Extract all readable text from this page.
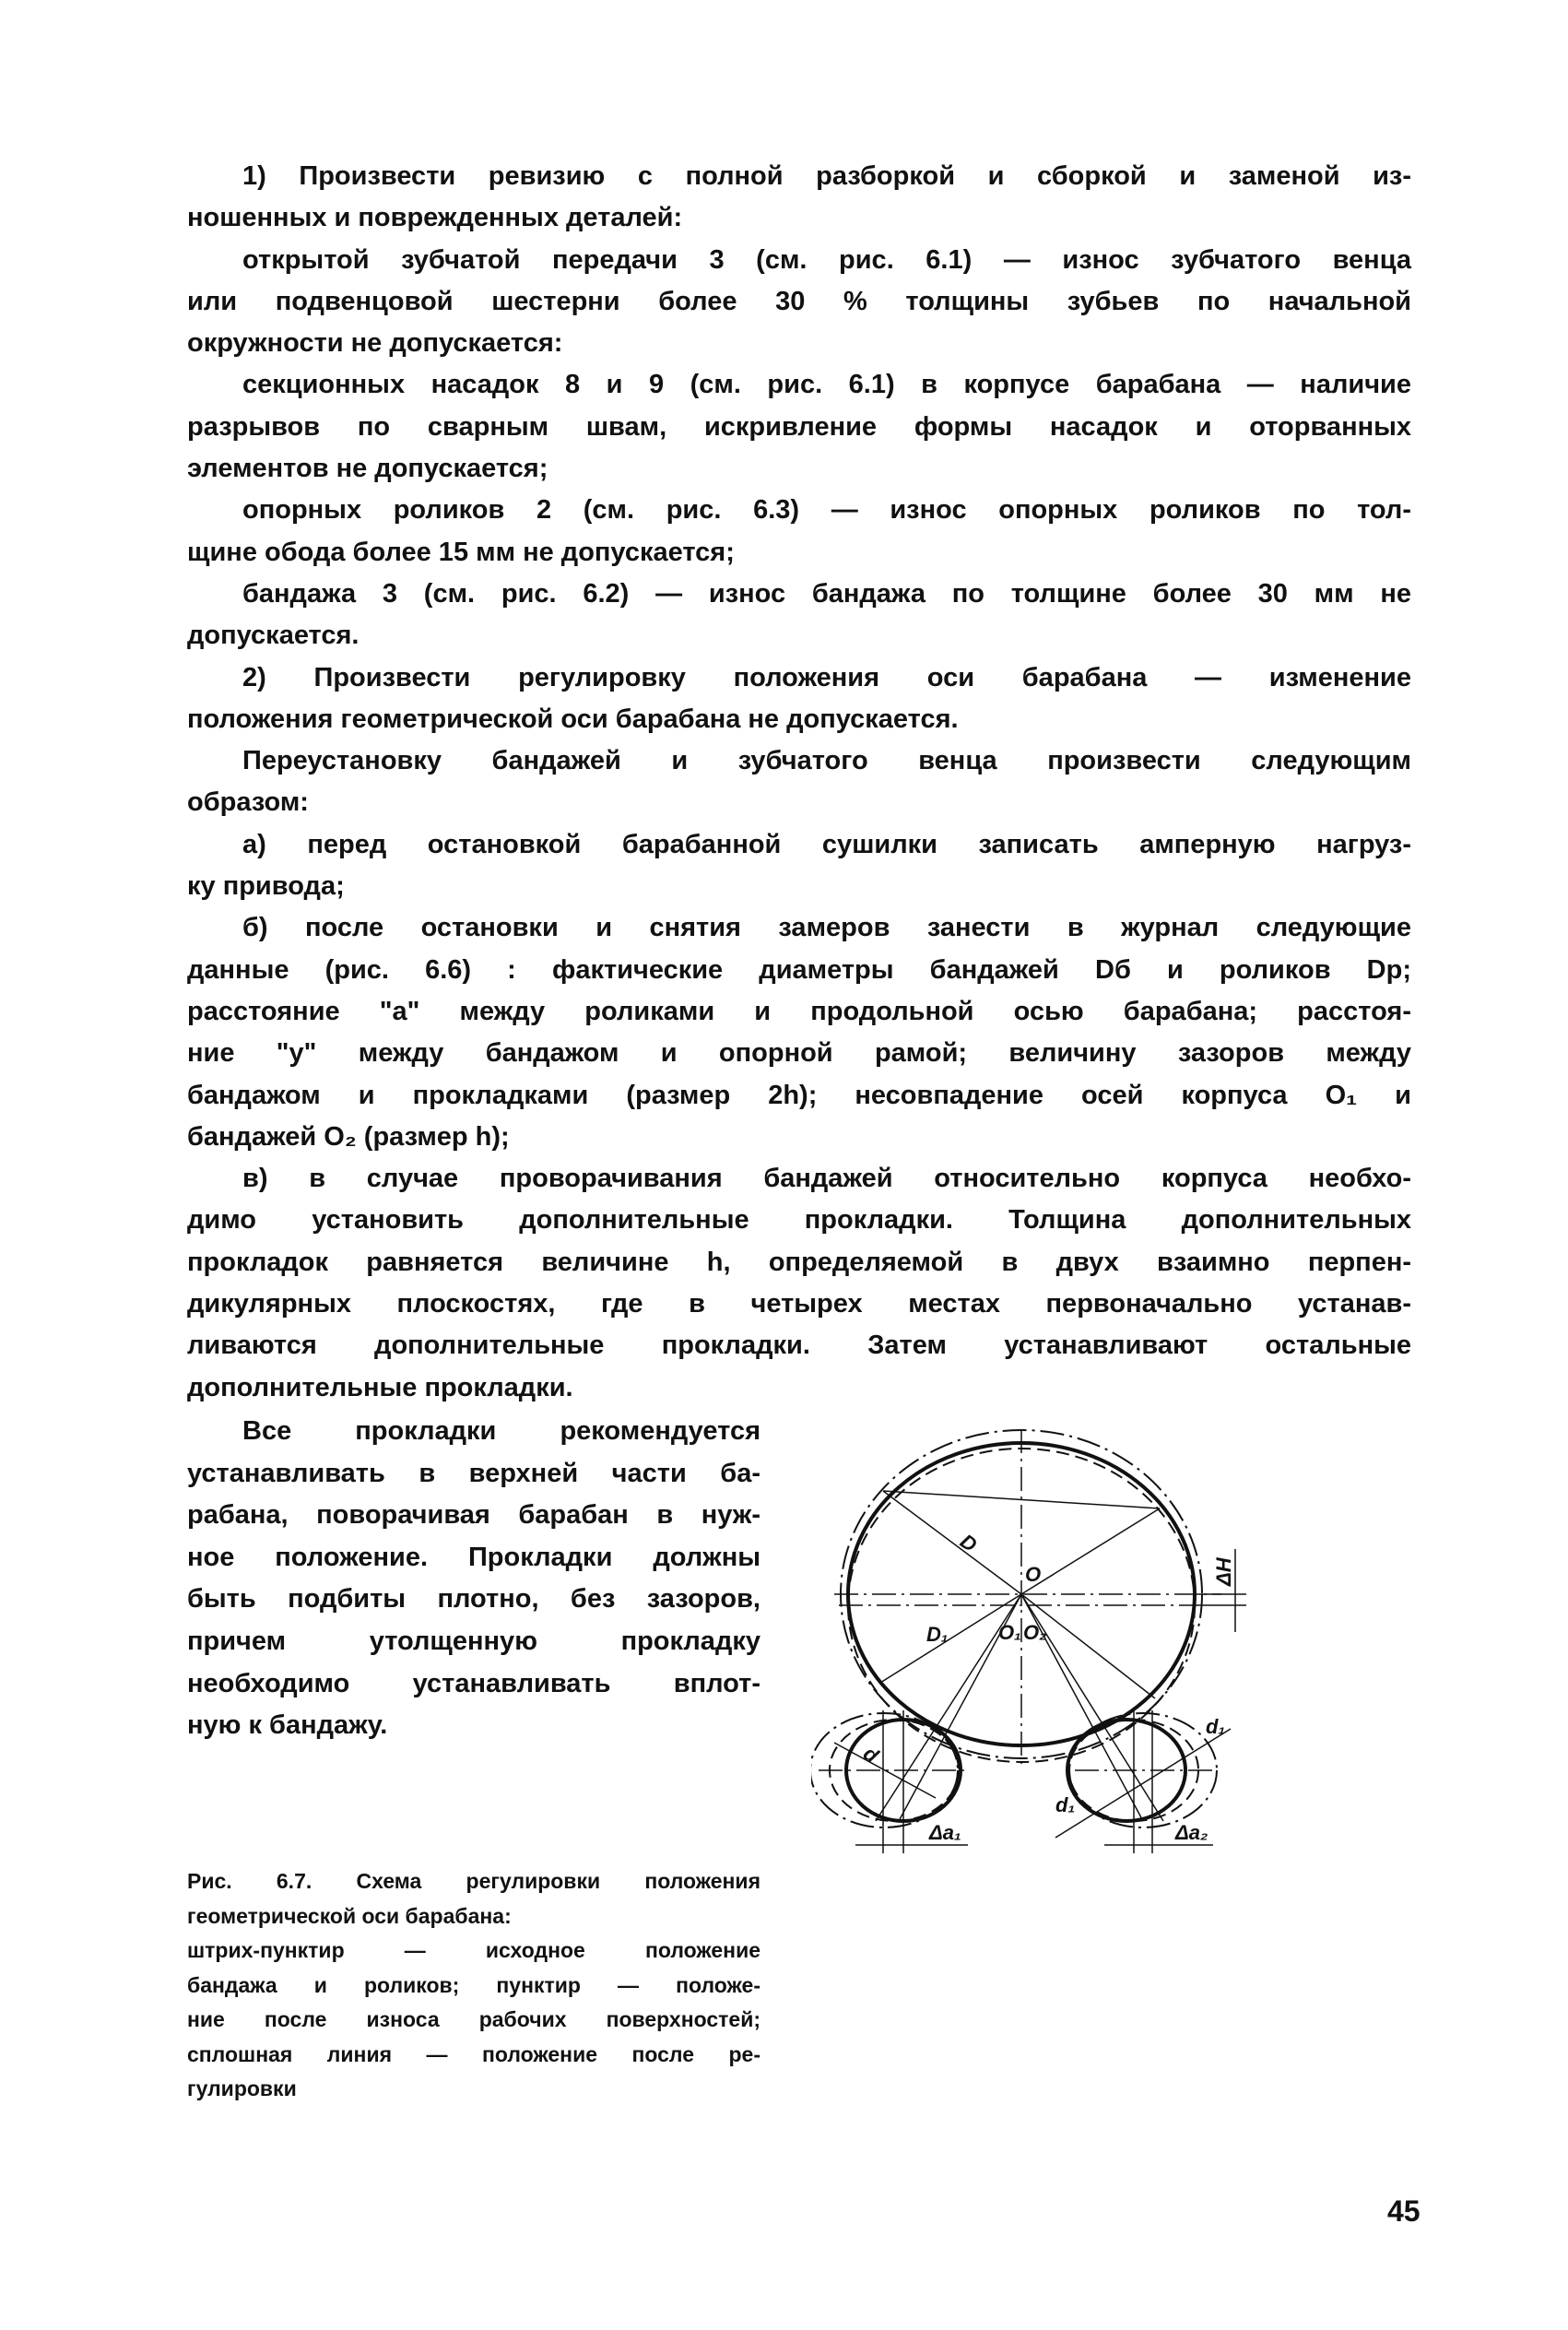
1) Произвести ревизию с полной разборкой и сборкой и заменой из-
ношенных и поврежденных деталей:
открытой зубчатой передачи 3 (см. рис. 6.1) — износ зубчатого венца
или подвенцовой шестерни более 30 % толщины зубьев по начальной
окружности не допускается:
секционных насадок 8 и 9 (см. рис. 6.1) в корпусе барабана — наличие
разрывов по сварным швам, искривление формы насадок и оторванных
элементов не допускается;
опорных роликов 2 (см. рис. 6.3) — износ опорных роликов по тол-
щине обода более 15 мм не допускается;
бандажа 3 (см. рис. 6.2) — износ бандажа по толщине более 30 мм не
допускается.
2) Произвести регулировку положения оси барабана — изменение
положения геометрической оси барабана не допускается.
Переустановку бандажей и зубчатого венца произвести следующим
образом:
а) перед остановкой барабанной сушилки записать амперную нагруз-
ку привода;
б) после остановки и снятия замеров занести в журнал следующие
данные (рис. 6.6) : фактические диаметры бандажей Dб и роликов Dр;
расстояние "а" между роликами и продольной осью барабана; расстоя-
ние "у" между бандажом и опорной рамой; величину зазоров между
бандажом и прокладками (размер 2h); несовпадение осей корпуса O₁ и
бандажей O₂ (размер h);
в) в случае проворачивания бандажей относительно корпуса необхо-
димо установить дополнительные прокладки. Толщина дополнительных
прокладок равняется величине h, определяемой в двух взаимно перпен-
дикулярных плоскостях, где в четырех местах первоначально устанав-
ливаются дополнительные прокладки. Затем устанавливают остальные
дополнительные прокладки.
Все прокладки рекомендуется
устанавливать в верхней части ба-
рабана, поворачивая барабан в нуж-
ное положение. Прокладки должны
быть подбиты плотно, без зазоров,
причем утолщенную прокладку
необходимо устанавливать вплот-
ную к бандажу.
Рис. 6.7. Схема регулировки положения
геометрической оси барабана:
штрих-пунктир — исходное положение
бандажа и роликов; пунктир — положе-
ние после износа рабочих поверхностей;
сплошная линия — положение после ре-
гулировки
D
O
D₁ O₁ O₂
ΔH
d
d₁
d₁
Δa₁	Δa₂
45
